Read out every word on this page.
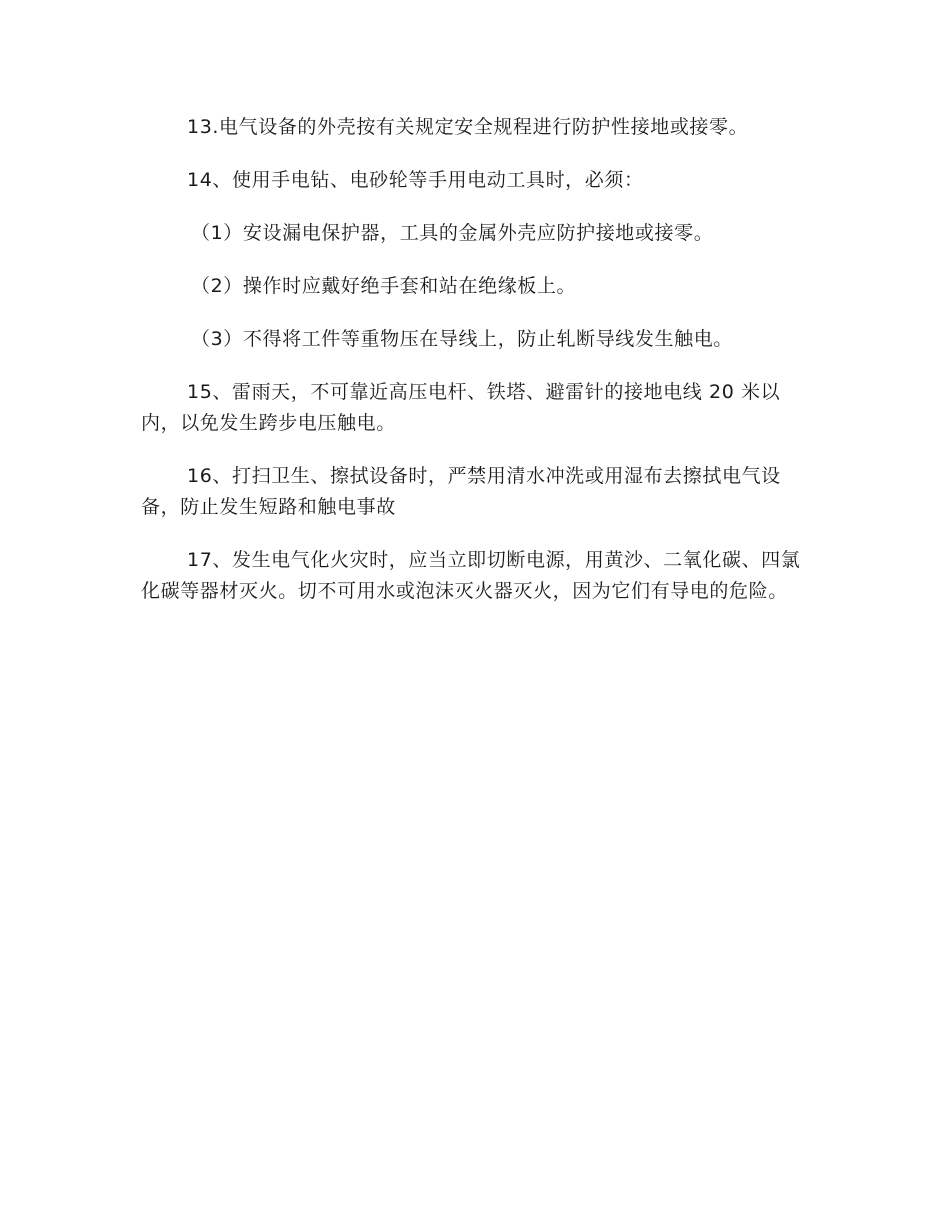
13.电气设备的外壳按有关规定安全规程进行防护性接地或接零。

14、使用手电钻、电砂轮等手用电动工具时，必须：

（1）安设漏电保护器，工具的金属外壳应防护接地或接零。

（2）操作时应戴好绝手套和站在绝缘板上。

（3）不得将工件等重物压在导线上，防止轧断导线发生触电。

15、雷雨天，不可靠近高压电杆、铁塔、避雷针的接地电线 20 米以内，以免发生跨步电压触电。

16、打扫卫生、擦拭设备时，严禁用清水冲洗或用湿布去擦拭电气设备，防止发生短路和触电事故

17、发生电气化火灾时，应当立即切断电源，用黄沙、二氧化碳、四氯化碳等器材灭火。切不可用水或泡沫灭火器灭火，因为它们有导电的危险。
